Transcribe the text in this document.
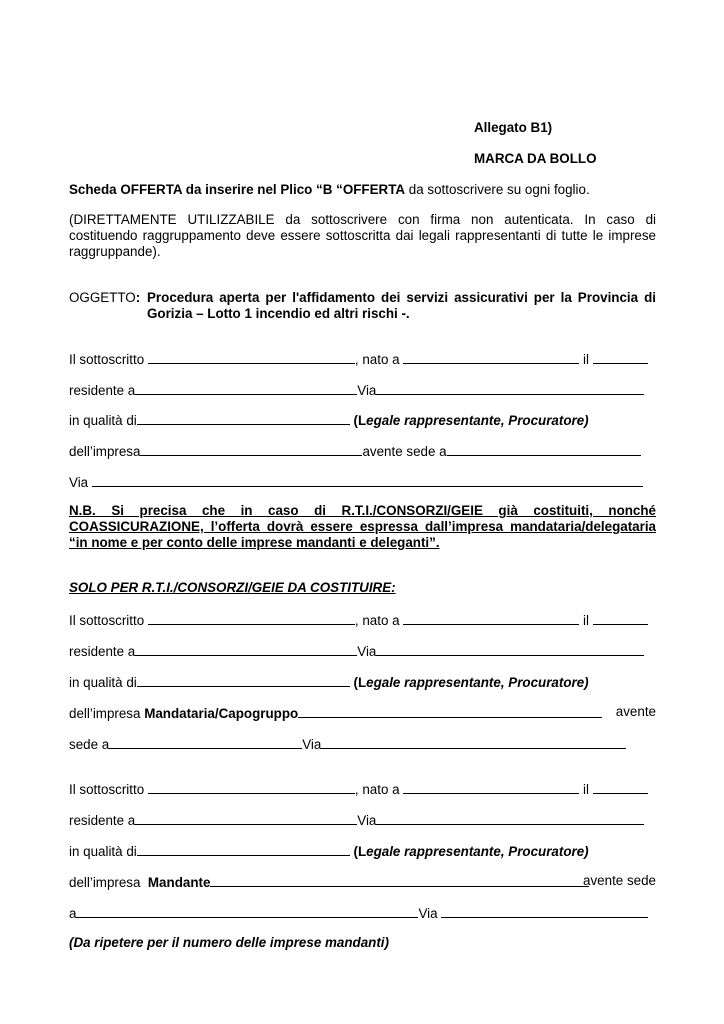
Allegato B1)
MARCA DA BOLLO
Scheda OFFERTA da inserire nel Plico “B “OFFERTA da sottoscrivere su ogni foglio.
(DIRETTAMENTE UTILIZZABILE da sottoscrivere con firma non autenticata. In caso di costituendo raggruppamento deve essere sottoscritta dai legali rappresentanti di tutte le imprese raggruppande).
OGGETTO: Procedura aperta per l'affidamento dei servizi assicurativi per la Provincia di
Gorizia – Lotto 1 incendio ed altri rischi -.
Il sottoscritto	, nato a	il
residente a	Via
in qualità di	(Legale rappresentante, Procuratore)
dell’impresa	avente sede a
Via
N.B. Si precisa che in caso di R.T.I./CONSORZI/GEIE già costituiti, nonché COASSICURAZIONE, l’offerta dovrà essere espressa dall’impresa mandataria/delegataria “in nome e per conto delle imprese mandanti e deleganti”.
SOLO PER R.T.I./CONSORZI/GEIE DA COSTITUIRE:
Il sottoscritto	, nato a	il
residente a	Via
in qualità di	(Legale rappresentante, Procuratore)
dell’impresa Mandataria/Capogruppo	avente
sede a	Via
Il sottoscritto	, nato a	il
residente a	Via
in qualità di	(Legale rappresentante, Procuratore)
dell’impresa Mandante	avente sede
a	Via
(Da ripetere per il numero delle imprese mandanti)
